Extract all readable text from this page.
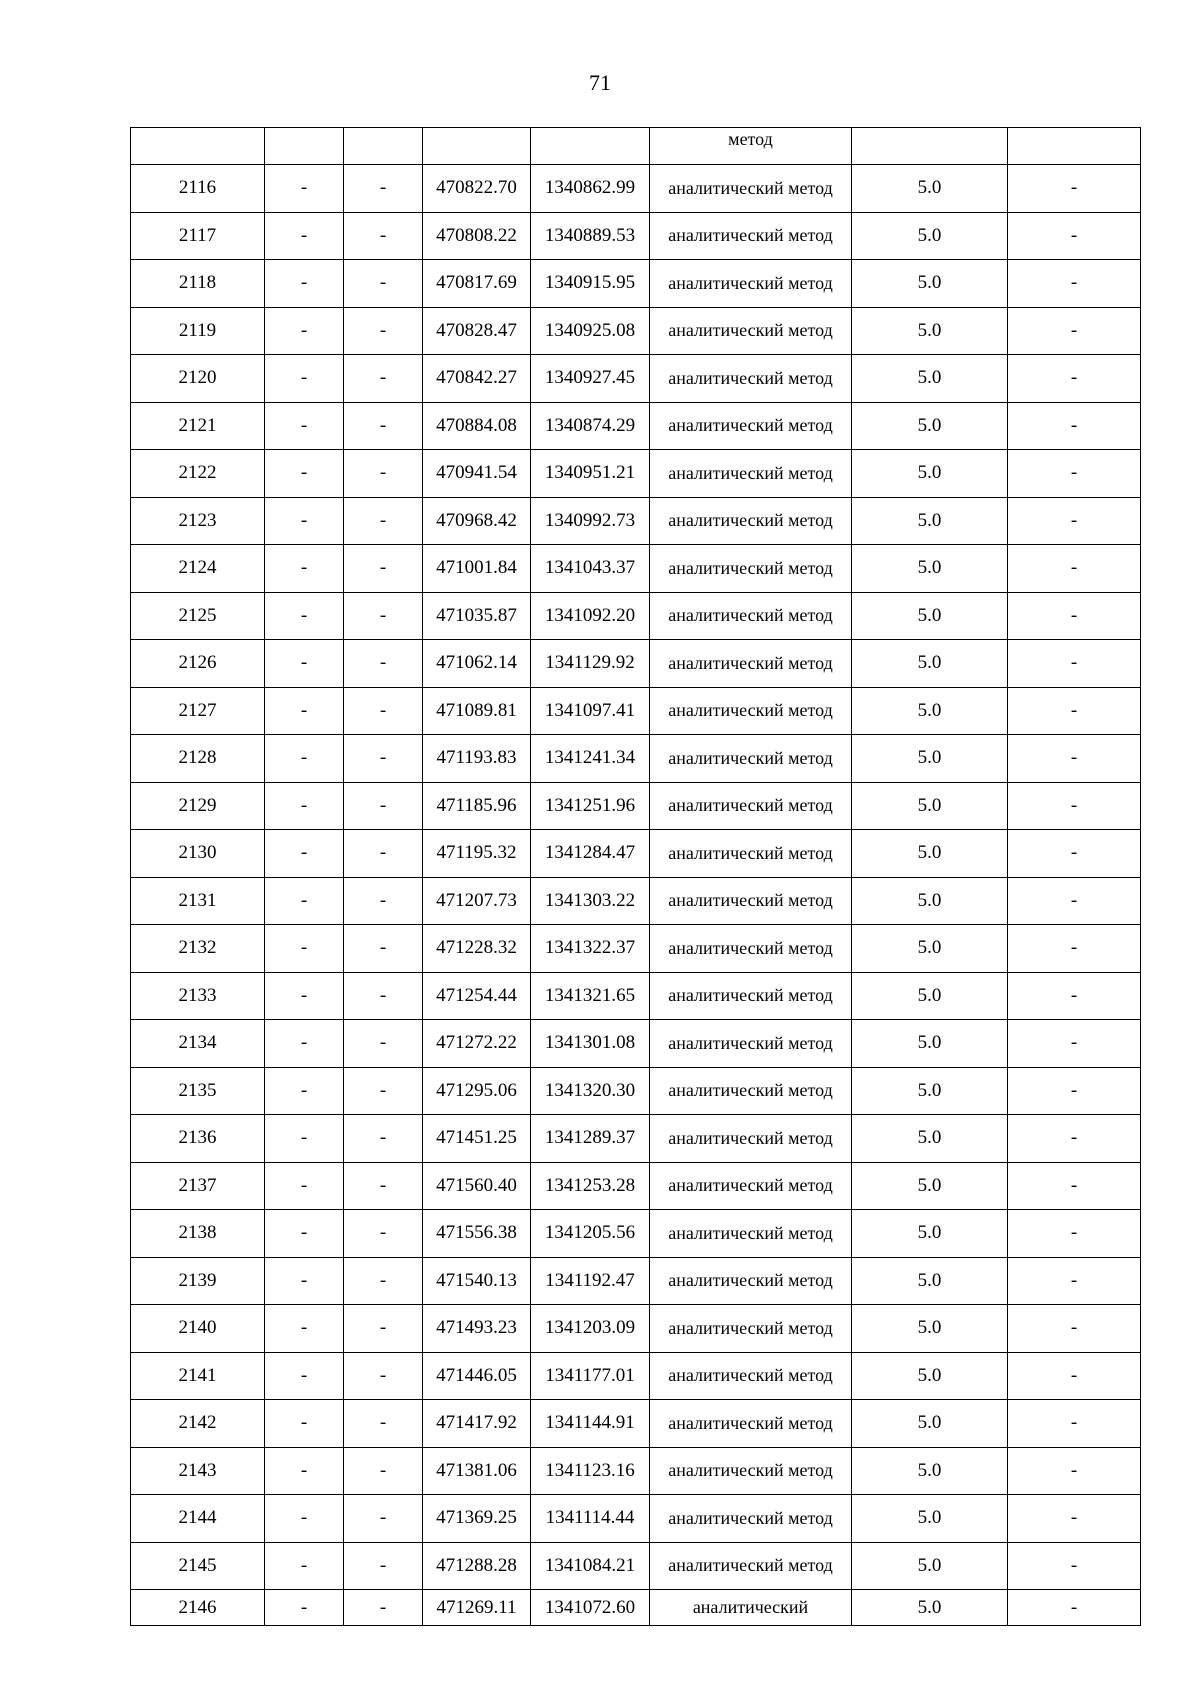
71
					метод		
2116	-	-	470822.70	1340862.99	аналитический метод	5.0	-
2117	-	-	470808.22	1340889.53	аналитический метод	5.0	-
2118	-	-	470817.69	1340915.95	аналитический метод	5.0	-
2119	-	-	470828.47	1340925.08	аналитический метод	5.0	-
2120	-	-	470842.27	1340927.45	аналитический метод	5.0	-
2121	-	-	470884.08	1340874.29	аналитический метод	5.0	-
2122	-	-	470941.54	1340951.21	аналитический метод	5.0	-
2123	-	-	470968.42	1340992.73	аналитический метод	5.0	-
2124	-	-	471001.84	1341043.37	аналитический метод	5.0	-
2125	-	-	471035.87	1341092.20	аналитический метод	5.0	-
2126	-	-	471062.14	1341129.92	аналитический метод	5.0	-
2127	-	-	471089.81	1341097.41	аналитический метод	5.0	-
2128	-	-	471193.83	1341241.34	аналитический метод	5.0	-
2129	-	-	471185.96	1341251.96	аналитический метод	5.0	-
2130	-	-	471195.32	1341284.47	аналитический метод	5.0	-
2131	-	-	471207.73	1341303.22	аналитический метод	5.0	-
2132	-	-	471228.32	1341322.37	аналитический метод	5.0	-
2133	-	-	471254.44	1341321.65	аналитический метод	5.0	-
2134	-	-	471272.22	1341301.08	аналитический метод	5.0	-
2135	-	-	471295.06	1341320.30	аналитический метод	5.0	-
2136	-	-	471451.25	1341289.37	аналитический метод	5.0	-
2137	-	-	471560.40	1341253.28	аналитический метод	5.0	-
2138	-	-	471556.38	1341205.56	аналитический метод	5.0	-
2139	-	-	471540.13	1341192.47	аналитический метод	5.0	-
2140	-	-	471493.23	1341203.09	аналитический метод	5.0	-
2141	-	-	471446.05	1341177.01	аналитический метод	5.0	-
2142	-	-	471417.92	1341144.91	аналитический метод	5.0	-
2143	-	-	471381.06	1341123.16	аналитический метод	5.0	-
2144	-	-	471369.25	1341114.44	аналитический метод	5.0	-
2145	-	-	471288.28	1341084.21	аналитический метод	5.0	-
2146	-	-	471269.11	1341072.60	аналитический	5.0	-
